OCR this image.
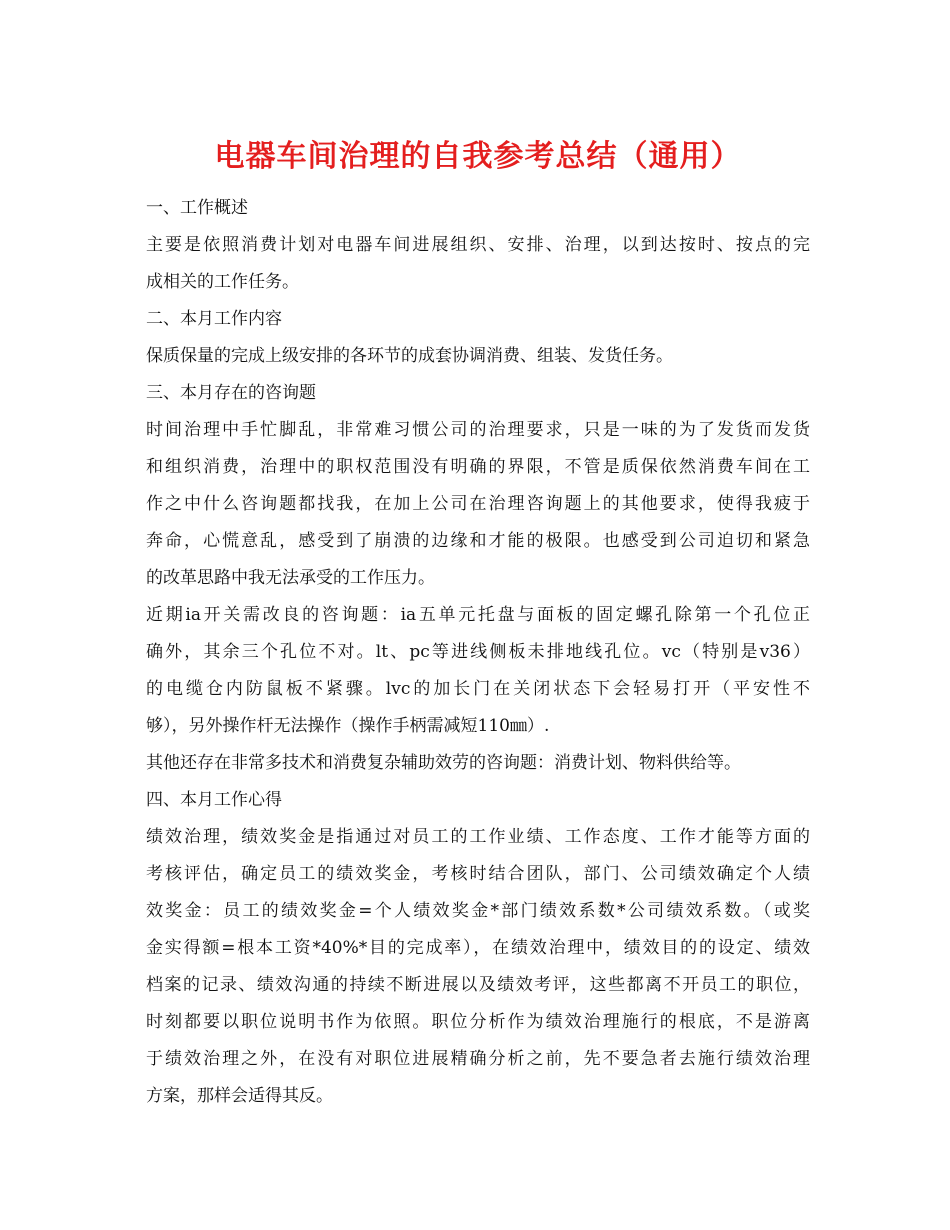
电器车间治理的自我参考总结（通用）
一、工作概述
主要是依照消费计划对电器车间进展组织、安排、治理，以到达按时、按点的完
成相关的工作任务。
二、本月工作内容
保质保量的完成上级安排的各环节的成套协调消费、组装、发货任务。
三、本月存在的咨询题
时间治理中手忙脚乱，非常难习惯公司的治理要求，只是一味的为了发货而发货
和组织消费，治理中的职权范围没有明确的界限，不管是质保依然消费车间在工
作之中什么咨询题都找我，在加上公司在治理咨询题上的其他要求，使得我疲于
奔命，心慌意乱，感受到了崩溃的边缘和才能的极限。也感受到公司迫切和紧急
的改革思路中我无法承受的工作压力。
近期ia开关需改良的咨询题：ia五单元托盘与面板的固定螺孔除第一个孔位正
确外，其余三个孔位不对。lt、pc等进线侧板未排地线孔位。vc（特别是v36）
的电缆仓内防鼠板不紧骤。lvc的加长门在关闭状态下会轻易打开（平安性不
够），另外操作杆无法操作（操作手柄需减短110㎜）.
其他还存在非常多技术和消费复杂辅助效劳的咨询题：消费计划、物料供给等。
四、本月工作心得
绩效治理，绩效奖金是指通过对员工的工作业绩、工作态度、工作才能等方面的
考核评估，确定员工的绩效奖金，考核时结合团队，部门、公司绩效确定个人绩
效奖金：员工的绩效奖金=个人绩效奖金*部门绩效系数*公司绩效系数。（或奖
金实得额=根本工资*40%*目的完成率），在绩效治理中，绩效目的的设定、绩效
档案的记录、绩效沟通的持续不断进展以及绩效考评，这些都离不开员工的职位，
时刻都要以职位说明书作为依照。职位分析作为绩效治理施行的根底，不是游离
于绩效治理之外，在没有对职位进展精确分析之前，先不要急者去施行绩效治理
方案，那样会适得其反。
